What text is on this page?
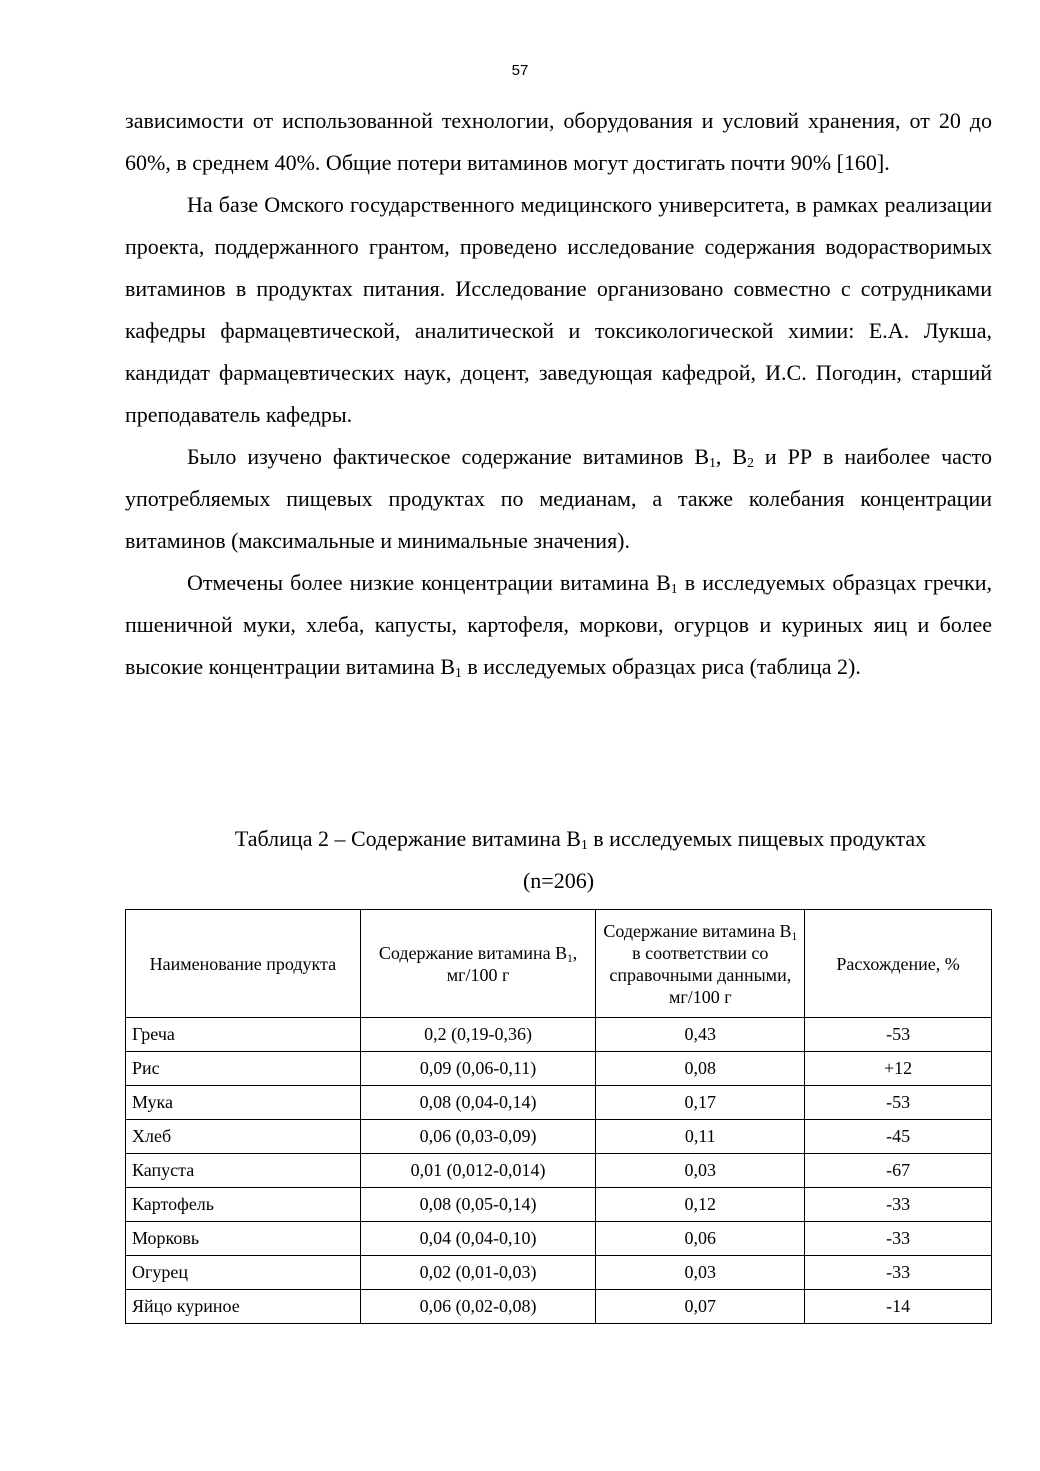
57

зависимости от использованной технологии, оборудования и условий хранения, от 20 до 60%, в среднем 40%. Общие потери витаминов могут достигать почти 90% [160].

На базе Омского государственного медицинского университета, в рамках реализации проекта, поддержанного грантом, проведено исследование содержания водорастворимых витаминов в продуктах питания. Исследование организовано совместно с сотрудниками кафедры фармацевтической, аналитической и токсикологической химии: Е.А. Лукша, кандидат фармацевтических наук, доцент, заведующая кафедрой, И.С. Погодин, старший преподаватель кафедры.

Было изучено фактическое содержание витаминов $В_1$, $В_2$ и РР в наиболее часто употребляемых пищевых продуктах по медианам, а также колебания концентрации витаминов (максимальные и минимальные значения).

Отмечены более низкие концентрации витамина $В_1$ в исследуемых образцах гречки, пшеничной муки, хлеба, капусты, картофеля, моркови, огурцов и куриных яиц и более высокие концентрации витамина $В_1$ в исследуемых образцах риса (таблица 2).

Таблица 2 – Содержание витамина $В_1$ в исследуемых пищевых продуктах
(n=206)
Наименование продукта	Содержание витамина $В_1$, мг/100 г	Содержание витамина $В_1$ в соответствии со справочными данными, мг/100 г	Расхождение, %
Греча	0,2 (0,19-0,36)	0,43	-53
Рис	0,09 (0,06-0,11)	0,08	+12
Мука	0,08 (0,04-0,14)	0,17	-53
Хлеб	0,06 (0,03-0,09)	0,11	-45
Капуста	0,01 (0,012-0,014)	0,03	-67
Картофель	0,08 (0,05-0,14)	0,12	-33
Морковь	0,04 (0,04-0,10)	0,06	-33
Огурец	0,02 (0,01-0,03)	0,03	-33
Яйцо куриное	0,06 (0,02-0,08)	0,07	-14
